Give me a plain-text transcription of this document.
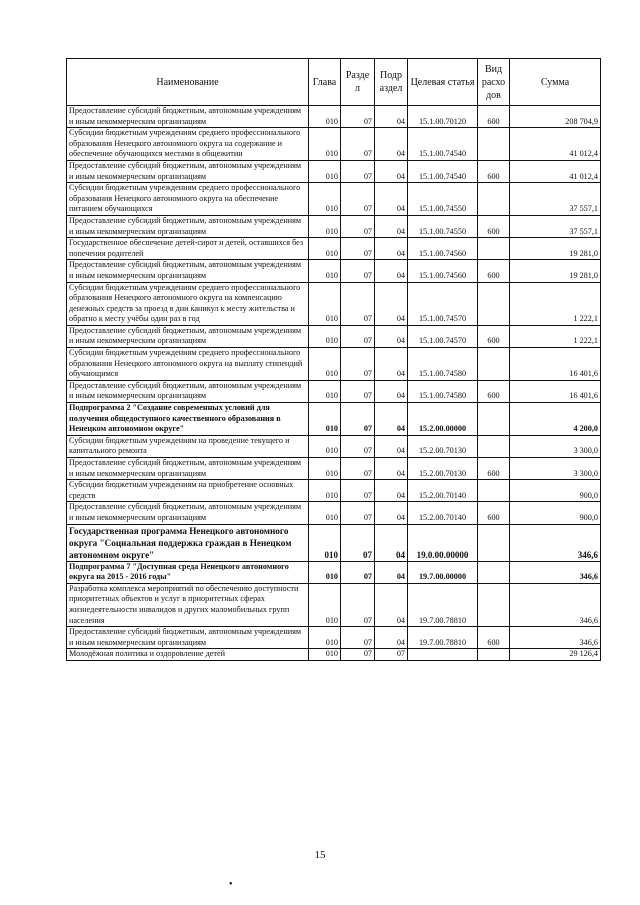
Наименование	Глава	Разде л	Подр аздел	Целевая статья	Вид расхо дов	Сумма
Предоставление субсидий бюджетным, автономным учреждениям и иным некоммерческим организациям	010	07	04	15.1.00.70120	600	208 704,9
Субсидии бюджетным учреждениям среднего профессионального образования Ненецкого автономного округа на содержание и обеспечение обучающихся местами в общежитии	010	07	04	15.1.00.74540		41 012,4
Предоставление субсидий бюджетным, автономным учреждениям и иным некоммерческим организациям	010	07	04	15.1.00.74540	600	41 012,4
Субсидии бюджетным учреждениям среднего профессионального образования Ненецкого автономного округа на обеспечение питанием обучающихся	010	07	04	15.1.00.74550		37 557,1
Предоставление субсидий бюджетным, автономным учреждениям и иным некоммерческим организациям	010	07	04	15.1.00.74550	600	37 557,1
Государственное обеспечение детей-сирот и детей, оставшихся без попечения родителей	010	07	04	15.1.00.74560		19 281,0
Предоставление субсидий бюджетным, автономным учреждениям и иным некоммерческим организациям	010	07	04	15.1.00.74560	600	19 281,0
Субсидии бюджетным учреждениям среднего профессионального образования Ненецкого автономного округа на компенсацию денежных средств за проезд в дни каникул к месту жительства и обратно к месту учёбы один раз в год	010	07	04	15.1.00.74570		1 222,1
Предоставление субсидий бюджетным, автономным учреждениям и иным некоммерческим организациям	010	07	04	15.1.00.74570	600	1 222,1
Субсидии бюджетным учреждениям среднего профессионального образования Ненецкого автономного округа на выплату стипендий обучающимся	010	07	04	15.1.00.74580		16 401,6
Предоставление субсидий бюджетным, автономным учреждениям и иным некоммерческим организациям	010	07	04	15.1.00.74580	600	16 401,6
Подпрограмма 2 "Создание современных условий для получения общедоступного качественного образования в Ненецком автономном округе"	010	07	04	15.2.00.00000		4 200,0
Субсидии бюджетным учреждениям на проведение текущего и капитального ремонта	010	07	04	15.2.00.70130		3 300,0
Предоставление субсидий бюджетным, автономным учреждениям и иным некоммерческим организациям	010	07	04	15.2.00.70130	600	3 300,0
Субсидии бюджетным учреждениям на приобретение основных средств	010	07	04	15.2.00.70140		900,0
Предоставление субсидий бюджетным, автономным учреждениям и иным некоммерческим организациям	010	07	04	15.2.00.70140	600	900,0
Государственная программа Ненецкого автономного округа "Социальная поддержка граждан в Ненецком автономном округе"	010	07	04	19.0.00.00000		346,6
Подпрограмма 7 "Доступная среда Ненецкого автономного округа на 2015 - 2016 годы"	010	07	04	19.7.00.00000		346,6
Разработка комплекса мероприятий по обеспечению доступности приоритетных объектов и услуг в приоритетных сферах жизнедеятельности инвалидов и других маломобильных групп населения	010	07	04	19.7.00.78810		346,6
Предоставление субсидий бюджетным, автономным учреждениям и иным некоммерческим организациям	010	07	04	19.7.00.78810	600	346,6
Молодёжная политика и оздоровление детей	010	07	07			29 126,4
15
•
